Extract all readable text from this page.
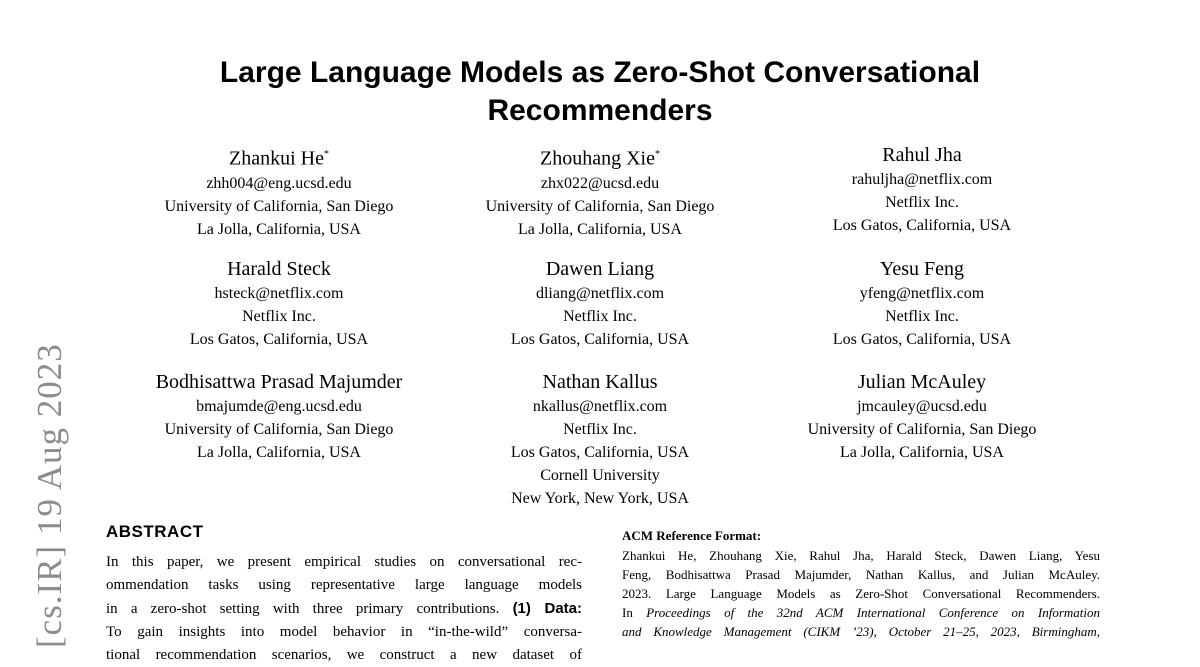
[cs.IR] 19 Aug 2023
Large Language Models as Zero-Shot Conversational
Recommenders
Zhankui He*
zhh004@eng.ucsd.edu
University of California, San Diego
La Jolla, California, USA
Zhouhang Xie*
zhx022@ucsd.edu
University of California, San Diego
La Jolla, California, USA
Rahul Jha
rahuljha@netflix.com
Netflix Inc.
Los Gatos, California, USA
Harald Steck
hsteck@netflix.com
Netflix Inc.
Los Gatos, California, USA
Dawen Liang
dliang@netflix.com
Netflix Inc.
Los Gatos, California, USA
Yesu Feng
yfeng@netflix.com
Netflix Inc.
Los Gatos, California, USA
Bodhisattwa Prasad Majumder
bmajumde@eng.ucsd.edu
University of California, San Diego
La Jolla, California, USA
Nathan Kallus
nkallus@netflix.com
Netflix Inc.
Los Gatos, California, USA
Cornell University
New York, New York, USA
Julian McAuley
jmcauley@ucsd.edu
University of California, San Diego
La Jolla, California, USA
ABSTRACT
In this paper, we present empirical studies on conversational rec-
ommendation tasks using representative large language models
in a zero-shot setting with three primary contributions. (1) Data:
To gain insights into model behavior in “in-the-wild” conversa-
tional recommendation scenarios, we construct a new dataset of
ACM Reference Format:
Zhankui He, Zhouhang Xie, Rahul Jha, Harald Steck, Dawen Liang, Yesu
Feng, Bodhisattwa Prasad Majumder, Nathan Kallus, and Julian McAuley.
2023. Large Language Models as Zero-Shot Conversational Recommenders.
In Proceedings of the 32nd ACM International Conference on Information
and Knowledge Management (CIKM ’23), October 21–25, 2023, Birmingham,
